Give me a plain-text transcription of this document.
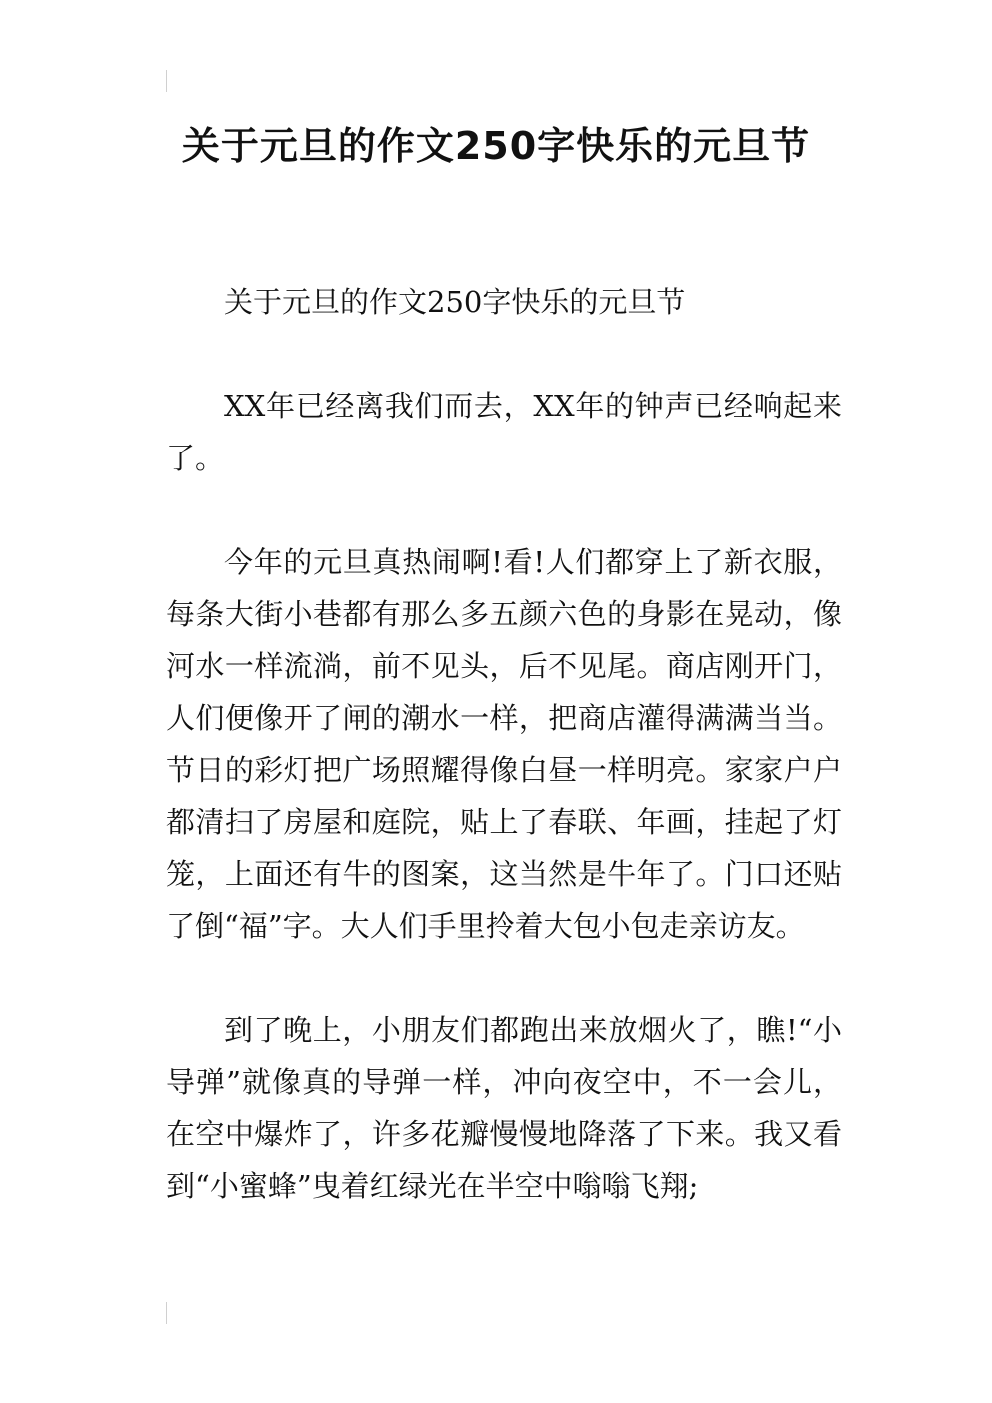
关于元旦的作文250字快乐的元旦节

关于元旦的作文250字快乐的元旦节

XX年已经离我们而去，XX年的钟声已经响起来了。

今年的元旦真热闹啊!看!人们都穿上了新衣服，每条大街小巷都有那么多五颜六色的身影在晃动，像河水一样流淌，前不见头，后不见尾。商店刚开门，人们便像开了闸的潮水一样，把商店灌得满满当当。节日的彩灯把广场照耀得像白昼一样明亮。家家户户都清扫了房屋和庭院，贴上了春联、年画，挂起了灯笼，上面还有牛的图案，这当然是牛年了。门口还贴了倒“福”字。大人们手里拎着大包小包走亲访友。

到了晚上，小朋友们都跑出来放烟火了，瞧!“小导弹”就像真的导弹一样，冲向夜空中，不一会儿，在空中爆炸了，许多花瓣慢慢地降落了下来。我又看到“小蜜蜂”曳着红绿光在半空中嗡嗡飞翔;
